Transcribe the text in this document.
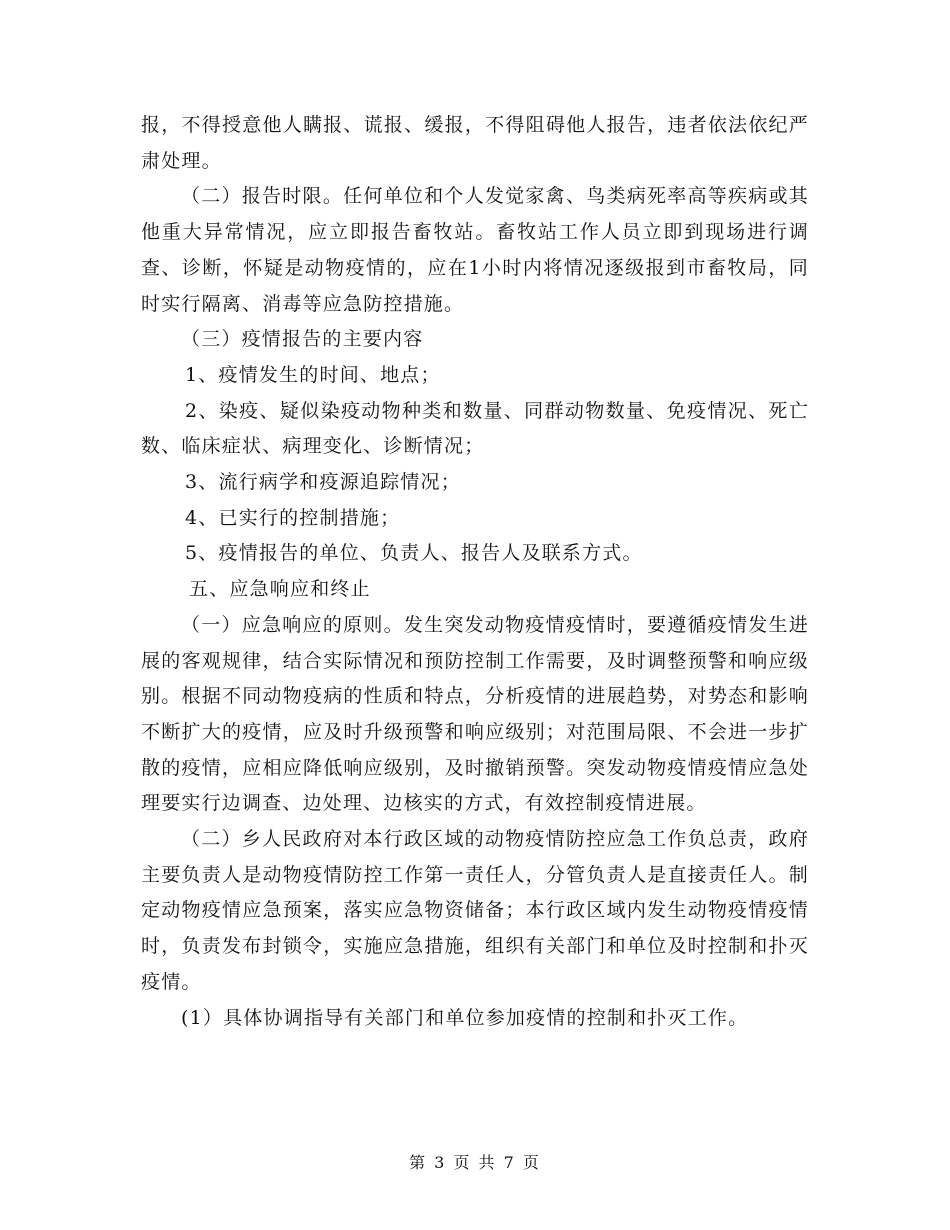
报，不得授意他人瞒报、谎报、缓报，不得阻碍他人报告，违者依法依纪严肃处理。

（二）报告时限。任何单位和个人发觉家禽、鸟类病死率高等疾病或其他重大异常情况，应立即报告畜牧站。畜牧站工作人员立即到现场进行调查、诊断，怀疑是动物疫情的，应在1小时内将情况逐级报到市畜牧局，同时实行隔离、消毒等应急防控措施。

（三）疫情报告的主要内容

1、疫情发生的时间、地点；

2、染疫、疑似染疫动物种类和数量、同群动物数量、免疫情况、死亡数、临床症状、病理变化、诊断情况；

3、流行病学和疫源追踪情况；

4、已实行的控制措施；

5、疫情报告的单位、负责人、报告人及联系方式。

五、应急响应和终止

（一）应急响应的原则。发生突发动物疫情疫情时，要遵循疫情发生进展的客观规律，结合实际情况和预防控制工作需要，及时调整预警和响应级别。根据不同动物疫病的性质和特点，分析疫情的进展趋势，对势态和影响不断扩大的疫情，应及时升级预警和响应级别；对范围局限、不会进一步扩散的疫情，应相应降低响应级别，及时撤销预警。突发动物疫情疫情应急处理要实行边调查、边处理、边核实的方式，有效控制疫情进展。

（二）乡人民政府对本行政区域的动物疫情防控应急工作负总责，政府主要负责人是动物疫情防控工作第一责任人，分管负责人是直接责任人。制定动物疫情应急预案，落实应急物资储备；本行政区域内发生动物疫情疫情时，负责发布封锁令，实施应急措施，组织有关部门和单位及时控制和扑灭疫情。

(1）具体协调指导有关部门和单位参加疫情的控制和扑灭工作。

第 3 页 共 7 页
